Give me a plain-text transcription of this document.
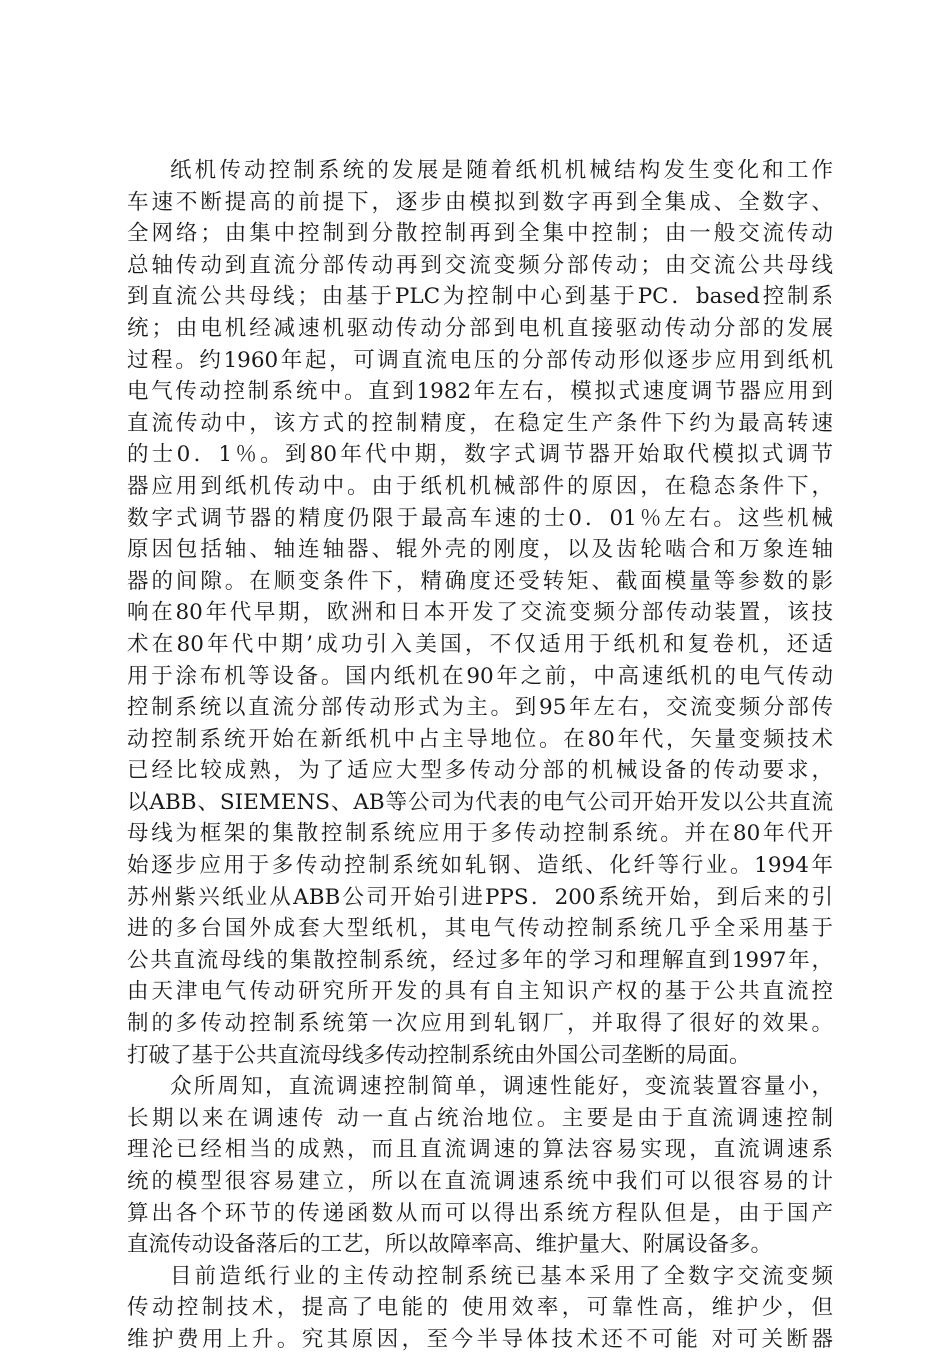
纸机传动控制系统的发展是随着纸机机械结构发生变化和工作
车速不断提高的前提下，逐步由模拟到数字再到全集成、全数字、
全网络；由集中控制到分散控制再到全集中控制；由一般交流传动
总轴传动到直流分部传动再到交流变频分部传动；由交流公共母线
到直流公共母线；由基于PLC为控制中心到基于PC．based控制系
统；由电机经减速机驱动传动分部到电机直接驱动传动分部的发展
过程。约1960年起，可调直流电压的分部传动形似逐步应用到纸机
电气传动控制系统中。直到1982年左右，模拟式速度调节器应用到
直流传动中，该方式的控制精度，在稳定生产条件下约为最高转速
的士0．1％。到80年代中期，数字式调节器开始取代模拟式调节
器应用到纸机传动中。由于纸机机械部件的原因，在稳态条件下，
数字式调节器的精度仍限于最高车速的士0．01％左右。这些机械
原因包括轴、轴连轴器、辊外壳的刚度，以及齿轮啮合和万象连轴
器的间隙。在顺变条件下，精确度还受转矩、截面模量等参数的影
响在80年代早期，欧洲和日本开发了交流变频分部传动装置，该技
术在80年代中期’成功引入美国，不仅适用于纸机和复卷机，还适
用于涂布机等设备。国内纸机在90年之前，中高速纸机的电气传动
控制系统以直流分部传动形式为主。到95年左右，交流变频分部传
动控制系统开始在新纸机中占主导地位。在80年代，矢量变频技术
已经比较成熟，为了适应大型多传动分部的机械设备的传动要求，
以ABB、SIEMENS、AB等公司为代表的电气公司开始开发以公共直流
母线为框架的集散控制系统应用于多传动控制系统。并在80年代开
始逐步应用于多传动控制系统如轧钢、造纸、化纤等行业。1994年
苏州紫兴纸业从ABB公司开始引进PPS．200系统开始，到后来的引
进的多台国外成套大型纸机，其电气传动控制系统几乎全采用基于
公共直流母线的集散控制系统，经过多年的学习和理解直到1997年，
由天津电气传动研究所开发的具有自主知识产权的基于公共直流控
制的多传动控制系统第一次应用到轧钢厂，并取得了很好的效果。
打破了基于公共直流母线多传动控制系统由外国公司垄断的局面。
众所周知，直流调速控制简单，调速性能好，变流装置容量小，
长期以来在调速传 动一直占统治地位。主要是由于直流调速控制
理沦已经相当的成熟，而且直流调速的算法容易实现，直流调速系
统的模型很容易建立，所以在直流调速系统中我们可以很容易的计
算出各个环节的传递函数从而可以得出系统方程队但是，由于国产
直流传动设备落后的工艺，所以故障率高、维护量大、附属设备多。
目前造纸行业的主传动控制系统已基本采用了全数字交流变频
传动控制技术，提高了电能的 使用效率，可靠性高，维护少，但
维护费用上升。究其原因，至今半导体技术还不可能 对可关断器
